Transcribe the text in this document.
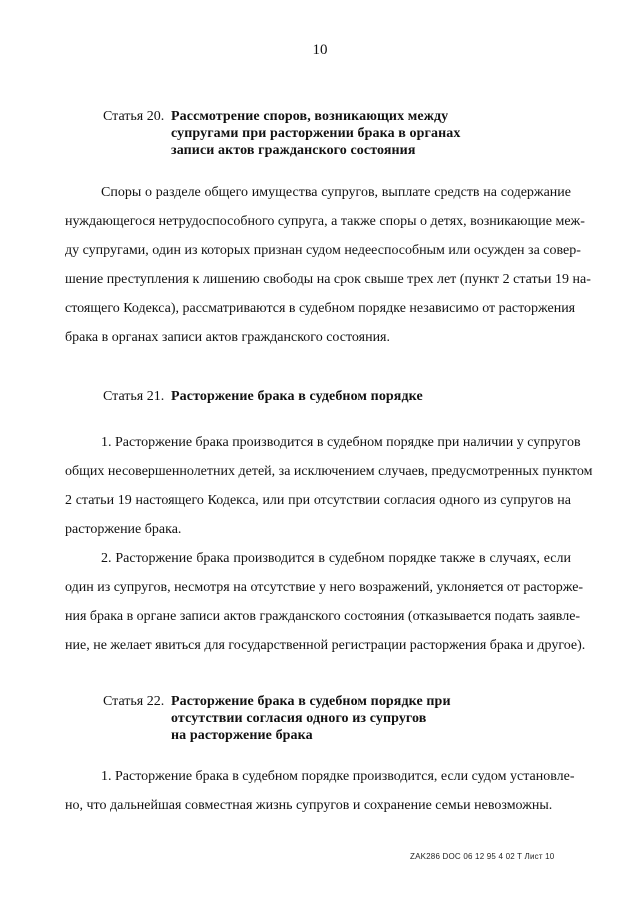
10
Статья 20. Рассмотрение споров, возникающих между
супругами при расторжении брака в органах
записи актов гражданского состояния

Споры о разделе общего имущества супругов, выплате средств на содержание
нуждающегося нетрудоспособного супруга, а также споры о детях, возникающие меж-
ду супругами, один из которых признан судом недееспособным или осужден за совер-
шение преступления к лишению свободы на срок свыше трех лет (пункт 2 статьи 19 на-
стоящего Кодекса), рассматриваются в судебном порядке независимо от расторжения
брака в органах записи актов гражданского состояния.

Статья 21. Расторжение брака в судебном порядке

1. Расторжение брака производится в судебном порядке при наличии у супругов
общих несовершеннолетних детей, за исключением случаев, предусмотренных пунктом
2 статьи 19 настоящего Кодекса, или при отсутствии согласия одного из супругов на
расторжение брака.

2. Расторжение брака производится в судебном порядке также в случаях, если
один из супругов, несмотря на отсутствие у него возражений, уклоняется от расторже-
ния брака в органе записи актов гражданского состояния (отказывается подать заявле-
ние, не желает явиться для государственной регистрации расторжения брака и другое).

Статья 22. Расторжение брака в судебном порядке при
отсутствии согласия одного из супругов
на расторжение брака

1. Расторжение брака в судебном порядке производится, если судом установле-
но, что дальнейшая совместная жизнь супругов и сохранение семьи невозможны.

ZAK286 DOC 06 12 95 4 02 T Лист 10
